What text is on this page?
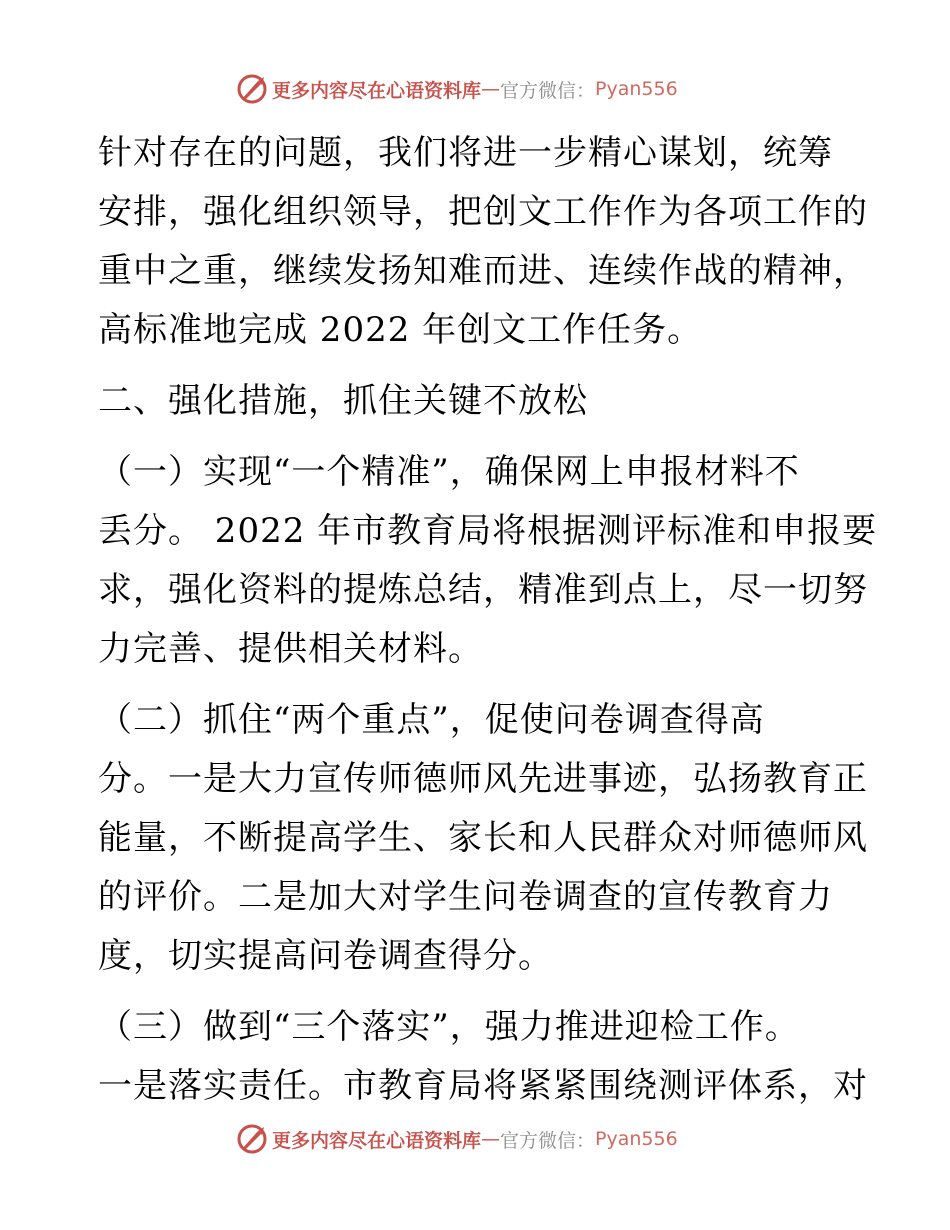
更多内容尽在心语资料库 — 官方微信： Pyan556

针对存在的问题，我们将进一步精心谋划，统筹
安排，强化组织领导，把创文工作作为各项工作的
重中之重，继续发扬知难而进、连续作战的精神，
高标准地完成 2022 年创文工作任务。

二、强化措施，抓住关键不放松

（一）实现“一个精准”，确保网上申报材料不
丢分。 2022 年市教育局将根据测评标准和申报要
求，强化资料的提炼总结，精准到点上，尽一切努
力完善、提供相关材料。

（二）抓住“两个重点”，促使问卷调查得高
分。一是大力宣传师德师风先进事迹，弘扬教育正
能量，不断提高学生、家长和人民群众对师德师风
的评价。二是加大对学生问卷调查的宣传教育力
度，切实提高问卷调查得分。

（三）做到“三个落实”，强力推进迎检工作。
一是落实责任。市教育局将紧紧围绕测评体系，对

更多内容尽在心语资料库 — 官方微信： Pyan556
